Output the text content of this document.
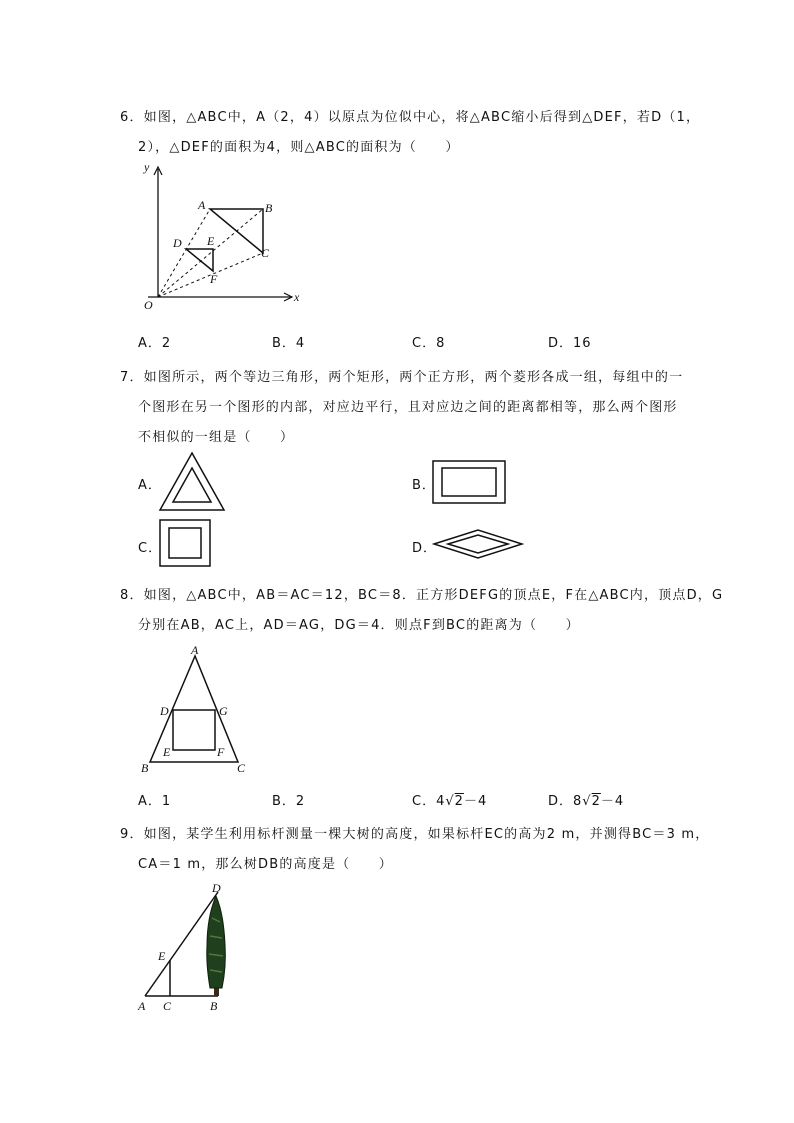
6．如图，△ABC中，A（2，4）以原点为位似中心，将△ABC缩小后得到△DEF，若D（1，
2），△DEF的面积为4，则△ABC的面积为（　　）
y
x
O
A	B
C
D E
F
A．2	B．4	C．8	D．16
7．如图所示，两个等边三角形，两个矩形，两个正方形，两个菱形各成一组，每组中的一
个图形在另一个图形的内部，对应边平行，且对应边之间的距离都相等，那么两个图形
不相似的一组是（　　）
A．	B．
C．	D．
8．如图，△ABC中，AB＝AC＝12，BC＝8．正方形DEFG的顶点E，F在△ABC内，顶点D，G
分别在AB，AC上，AD＝AG，DG＝4．则点F到BC的距离为（　　）
A
B	C
D	G
E	F
A．1	B．2	C．4√2－4	D．8√2－4
9．如图，某学生利用标杆测量一棵大树的高度，如果标杆EC的高为2 m，并测得BC＝3 m，
CA＝1 m，那么树DB的高度是（　　）
D
E
A C	B
